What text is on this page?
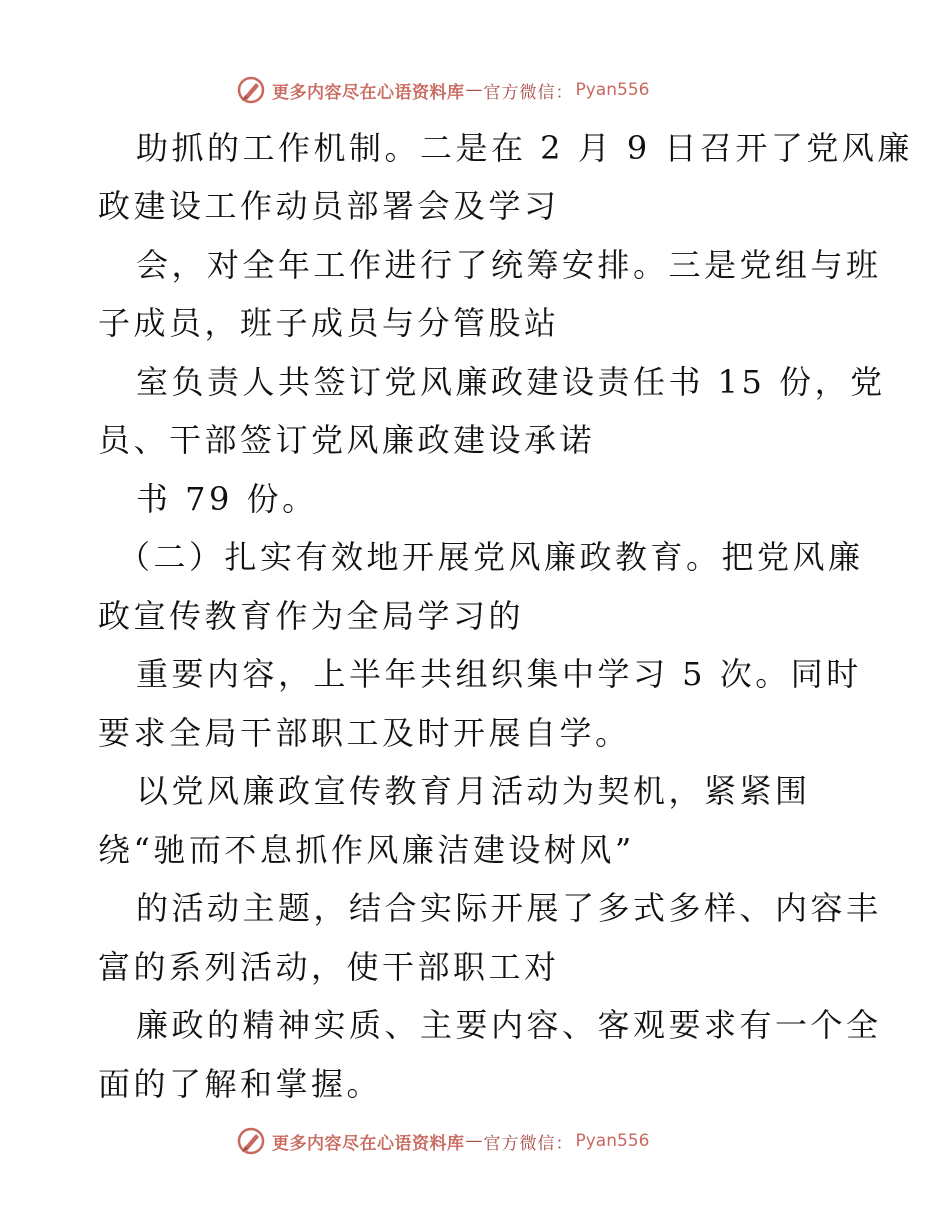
更多内容尽在心语资料库 — 官方微信： Pyan556
助抓的工作机制。二是在 2 月 9 日召开了党风廉
政建设工作动员部署会及学习
会，对全年工作进行了统筹安排。三是党组与班
子成员，班子成员与分管股站
室负责人共签订党风廉政建设责任书 15 份，党
员、干部签订党风廉政建设承诺
书 79 份。
（二）扎实有效地开展党风廉政教育。把党风廉
政宣传教育作为全局学习的
重要内容，上半年共组织集中学习 5 次。同时
要求全局干部职工及时开展自学。
以党风廉政宣传教育月活动为契机，紧紧围
绕“驰而不息抓作风廉洁建设树风”
的活动主题，结合实际开展了多式多样、内容丰
富的系列活动，使干部职工对
廉政的精神实质、主要内容、客观要求有一个全
面的了解和掌握。
更多内容尽在心语资料库 — 官方微信： Pyan556
